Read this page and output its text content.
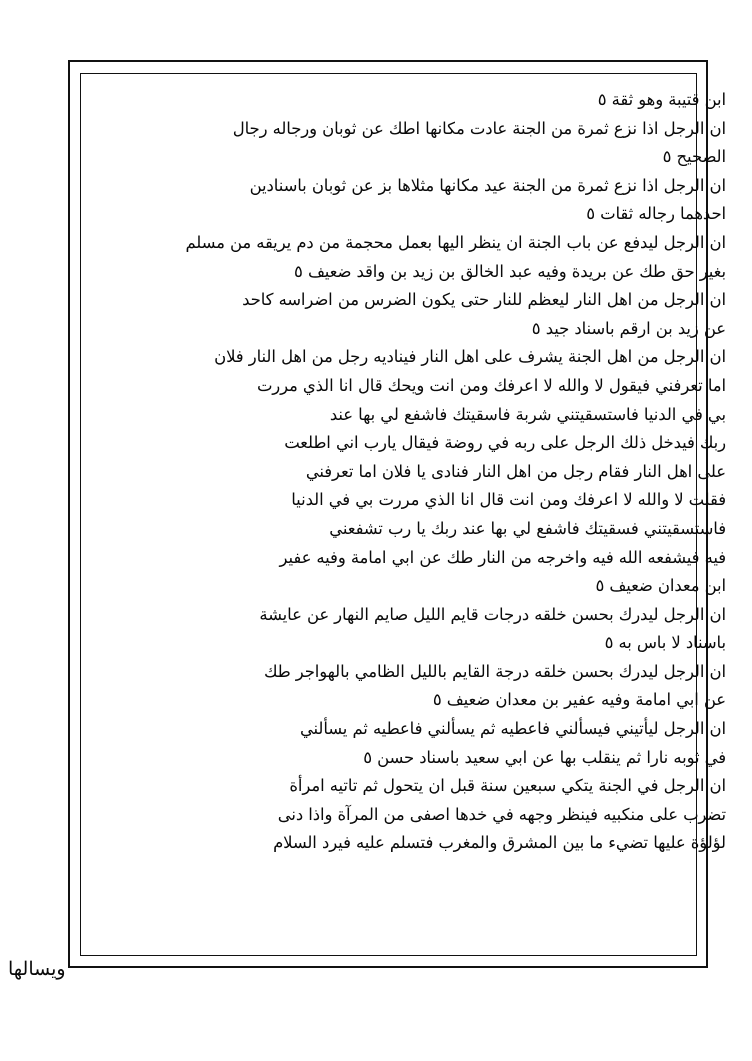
ابن قتيبة وهو ثقة ٥
ان الرجل اذا نزع ثمرة من الجنة عادت مكانها اطك عن ثوبان ورجاله رجال
الصحيح ٥
ان الرجل اذا نزع ثمرة من الجنة عيد مكانها مثلاها بز عن ثوبان باسنادين
احدهما رجاله ثقات ٥
ان الرجل ليدفع عن باب الجنة ان ينظر اليها بعمل محجمة من دم يريقه من مسلم
بغير حق طك عن بريدة وفيه عبد الخالق بن زيد بن واقد ضعيف ٥
ان الرجل من اهل النار ليعظم للنار حتى يكون الضرس من اضراسه كاحد
عن زيد بن ارقم باسناد جيد ٥
ان الرجل من اهل الجنة يشرف على اهل النار فيناديه رجل من اهل النار فلان
اما تعرفني فيقول لا والله لا اعرفك ومن انت ويحك قال انا الذي مررت
بي في الدنيا فاستسقيتني شربة فاسقيتك فاشفع لي بها عند
ربك فيدخل ذلك الرجل على ربه في روضة فيقال يارب اني اطلعت
على اهل النار فقام رجل من اهل النار فنادى يا فلان اما تعرفني
فقلت لا والله لا اعرفك ومن انت قال انا الذي مررت بي في الدنيا
فاستسقيتني فسقيتك فاشفع لي بها عند ربك يا رب تشفعني
فيه فيشفعه الله فيه واخرجه من النار طك عن ابي امامة وفيه عفير
ابن معدان ضعيف ٥
ان الرجل ليدرك بحسن خلقه درجات قايم الليل صايم النهار عن عايشة
باسناد لا باس به ٥
ان الرجل ليدرك بحسن خلقه درجة القايم بالليل الظامي بالهواجر طك
عن ابي امامة وفيه عفير بن معدان ضعيف ٥
ان الرجل ليأتيني فيسألني فاعطيه ثم يسألني فاعطيه ثم يسألني
في ثوبه نارا ثم ينقلب بها عن ابي سعيد باسناد حسن ٥
ان الرجل في الجنة يتكي سبعين سنة قبل ان يتحول ثم تاتيه امرأة
تضرب على منكبيه فينظر وجهه في خدها اصفى من المرآة واذا دنى
لؤلؤة عليها تضيء ما بين المشرق والمغرب فتسلم عليه فيرد السلام
ويسالها
